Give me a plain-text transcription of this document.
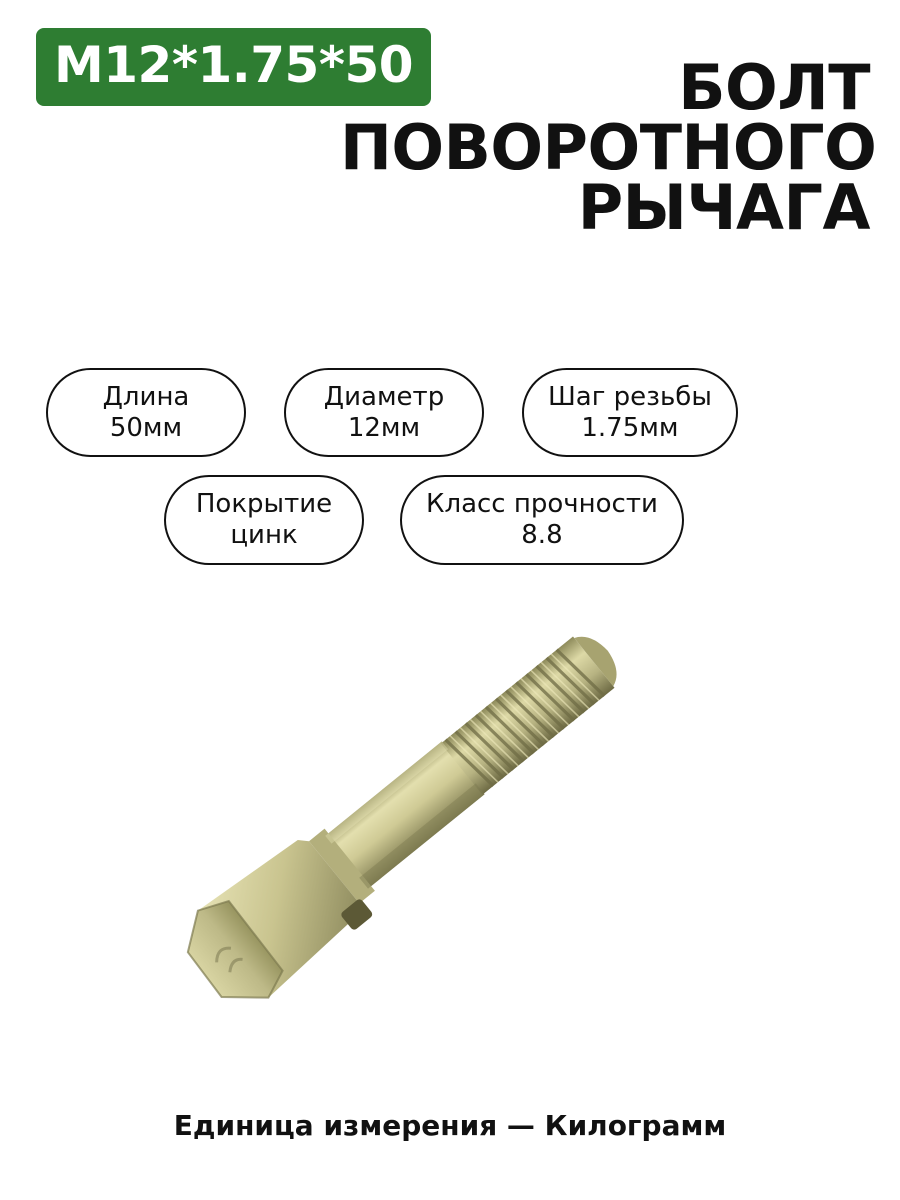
M12*1.75*50	БОЛТ
ПОВОРОТНОГО
РЫЧАГА
Длина
50мм
Диаметр
12мм
Шаг резьбы
1.75мм
Покрытие
цинк
Класс прочности
8.8
Единица измерения — Килограмм
